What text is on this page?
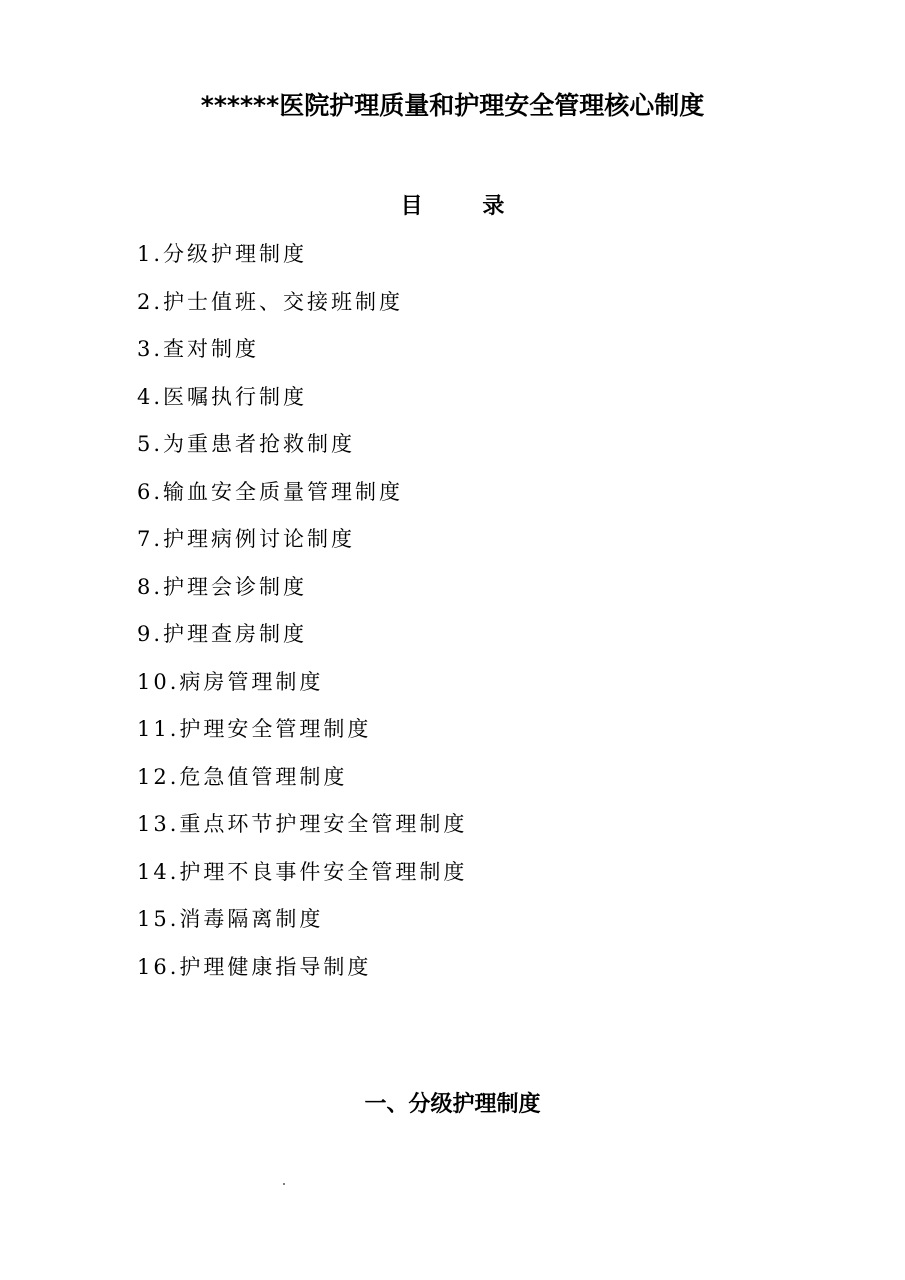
******医院护理质量和护理安全管理核心制度
目 录
1.分级护理制度
2.护士值班、交接班制度
3.查对制度
4.医嘱执行制度
5.为重患者抢救制度
6.输血安全质量管理制度
7.护理病例讨论制度
8.护理会诊制度
9.护理查房制度
10.病房管理制度
11.护理安全管理制度
12.危急值管理制度
13.重点环节护理安全管理制度
14.护理不良事件安全管理制度
15.消毒隔离制度
16.护理健康指导制度
一、分级护理制度
